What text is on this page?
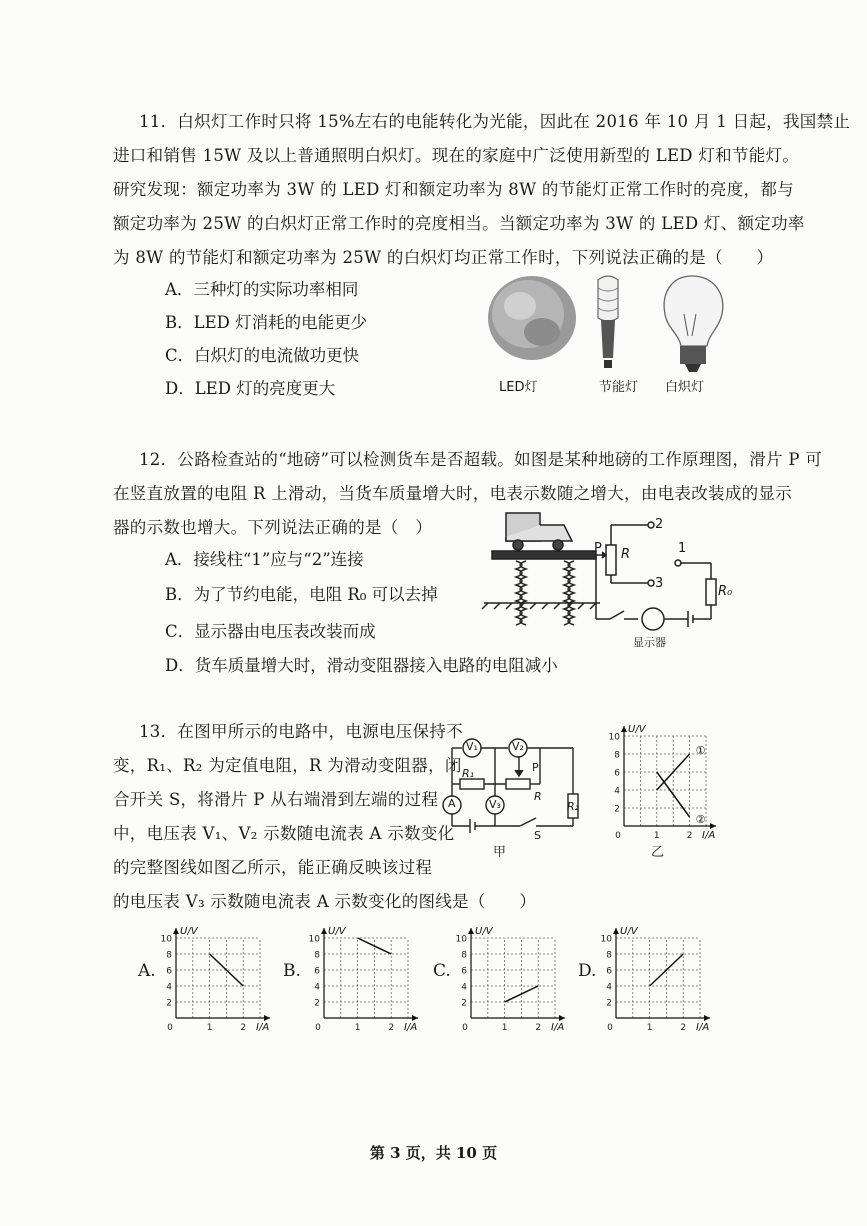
11．白炽灯工作时只将 15%左右的电能转化为光能，因此在 2016 年 10 月 1 日起，我国禁止
进口和销售 15W 及以上普通照明白炽灯。现在的家庭中广泛使用新型的 LED 灯和节能灯。
研究发现：额定功率为 3W 的 LED 灯和额定功率为 8W 的节能灯正常工作时的亮度，都与
额定功率为 25W 的白炽灯正常工作时的亮度相当。当额定功率为 3W 的 LED 灯、额定功率
为 8W 的节能灯和额定功率为 25W 的白炽灯均正常工作时，下列说法正确的是（　　）
A．三种灯的实际功率相同
B．LED 灯消耗的电能更少
C．白炽灯的电流做功更快
D．LED 灯的亮度更大	LED灯	节能灯 白炽灯
12．公路检查站的“地磅”可以检测货车是否超载。如图是某种地磅的工作原理图，滑片 P 可
在竖直放置的电阻 R 上滑动，当货车质量增大时，电表示数随之增大，由电表改装成的显示
器的示数也增大。下列说法正确的是（　）
A．接线柱“1”应与“2”连接
B．为了节约电能，电阻 R₀ 可以去掉
C．显示器由电压表改装而成
D．货车质量增大时，滑动变阻器接入电路的电阻减小
P R	1
2
3
R₀
显示器
13．在图甲所示的电路中，电源电压保持不
变，R₁、R₂ 为定值电阻，R 为滑动变阻器，闭
合开关 S，将滑片 P 从右端滑到左端的过程
中，电压表 V₁、V₂ 示数随电流表 A 示数变化
的完整图线如图乙所示，能正确反映该过程
的电压表 V₃ 示数随电流表 A 示数变化的图线是（　　）
V₁	V₂
V₃
A
R₁
R
R₂
P
S
甲	乙
A.	B.	C.	D.
2
4
6
8
10
1	2
0
U/V
I/A
①
②
2
4
6
8
10
1	2
0
U/V
I/A
2
4
6
8
10
1	2
0
U/V
I/A
2
4
6
8
10
1	2
0
U/V
I/A
2
4
6
8
10
1	2
0
U/V
I/A
第 3 页，共 10 页
